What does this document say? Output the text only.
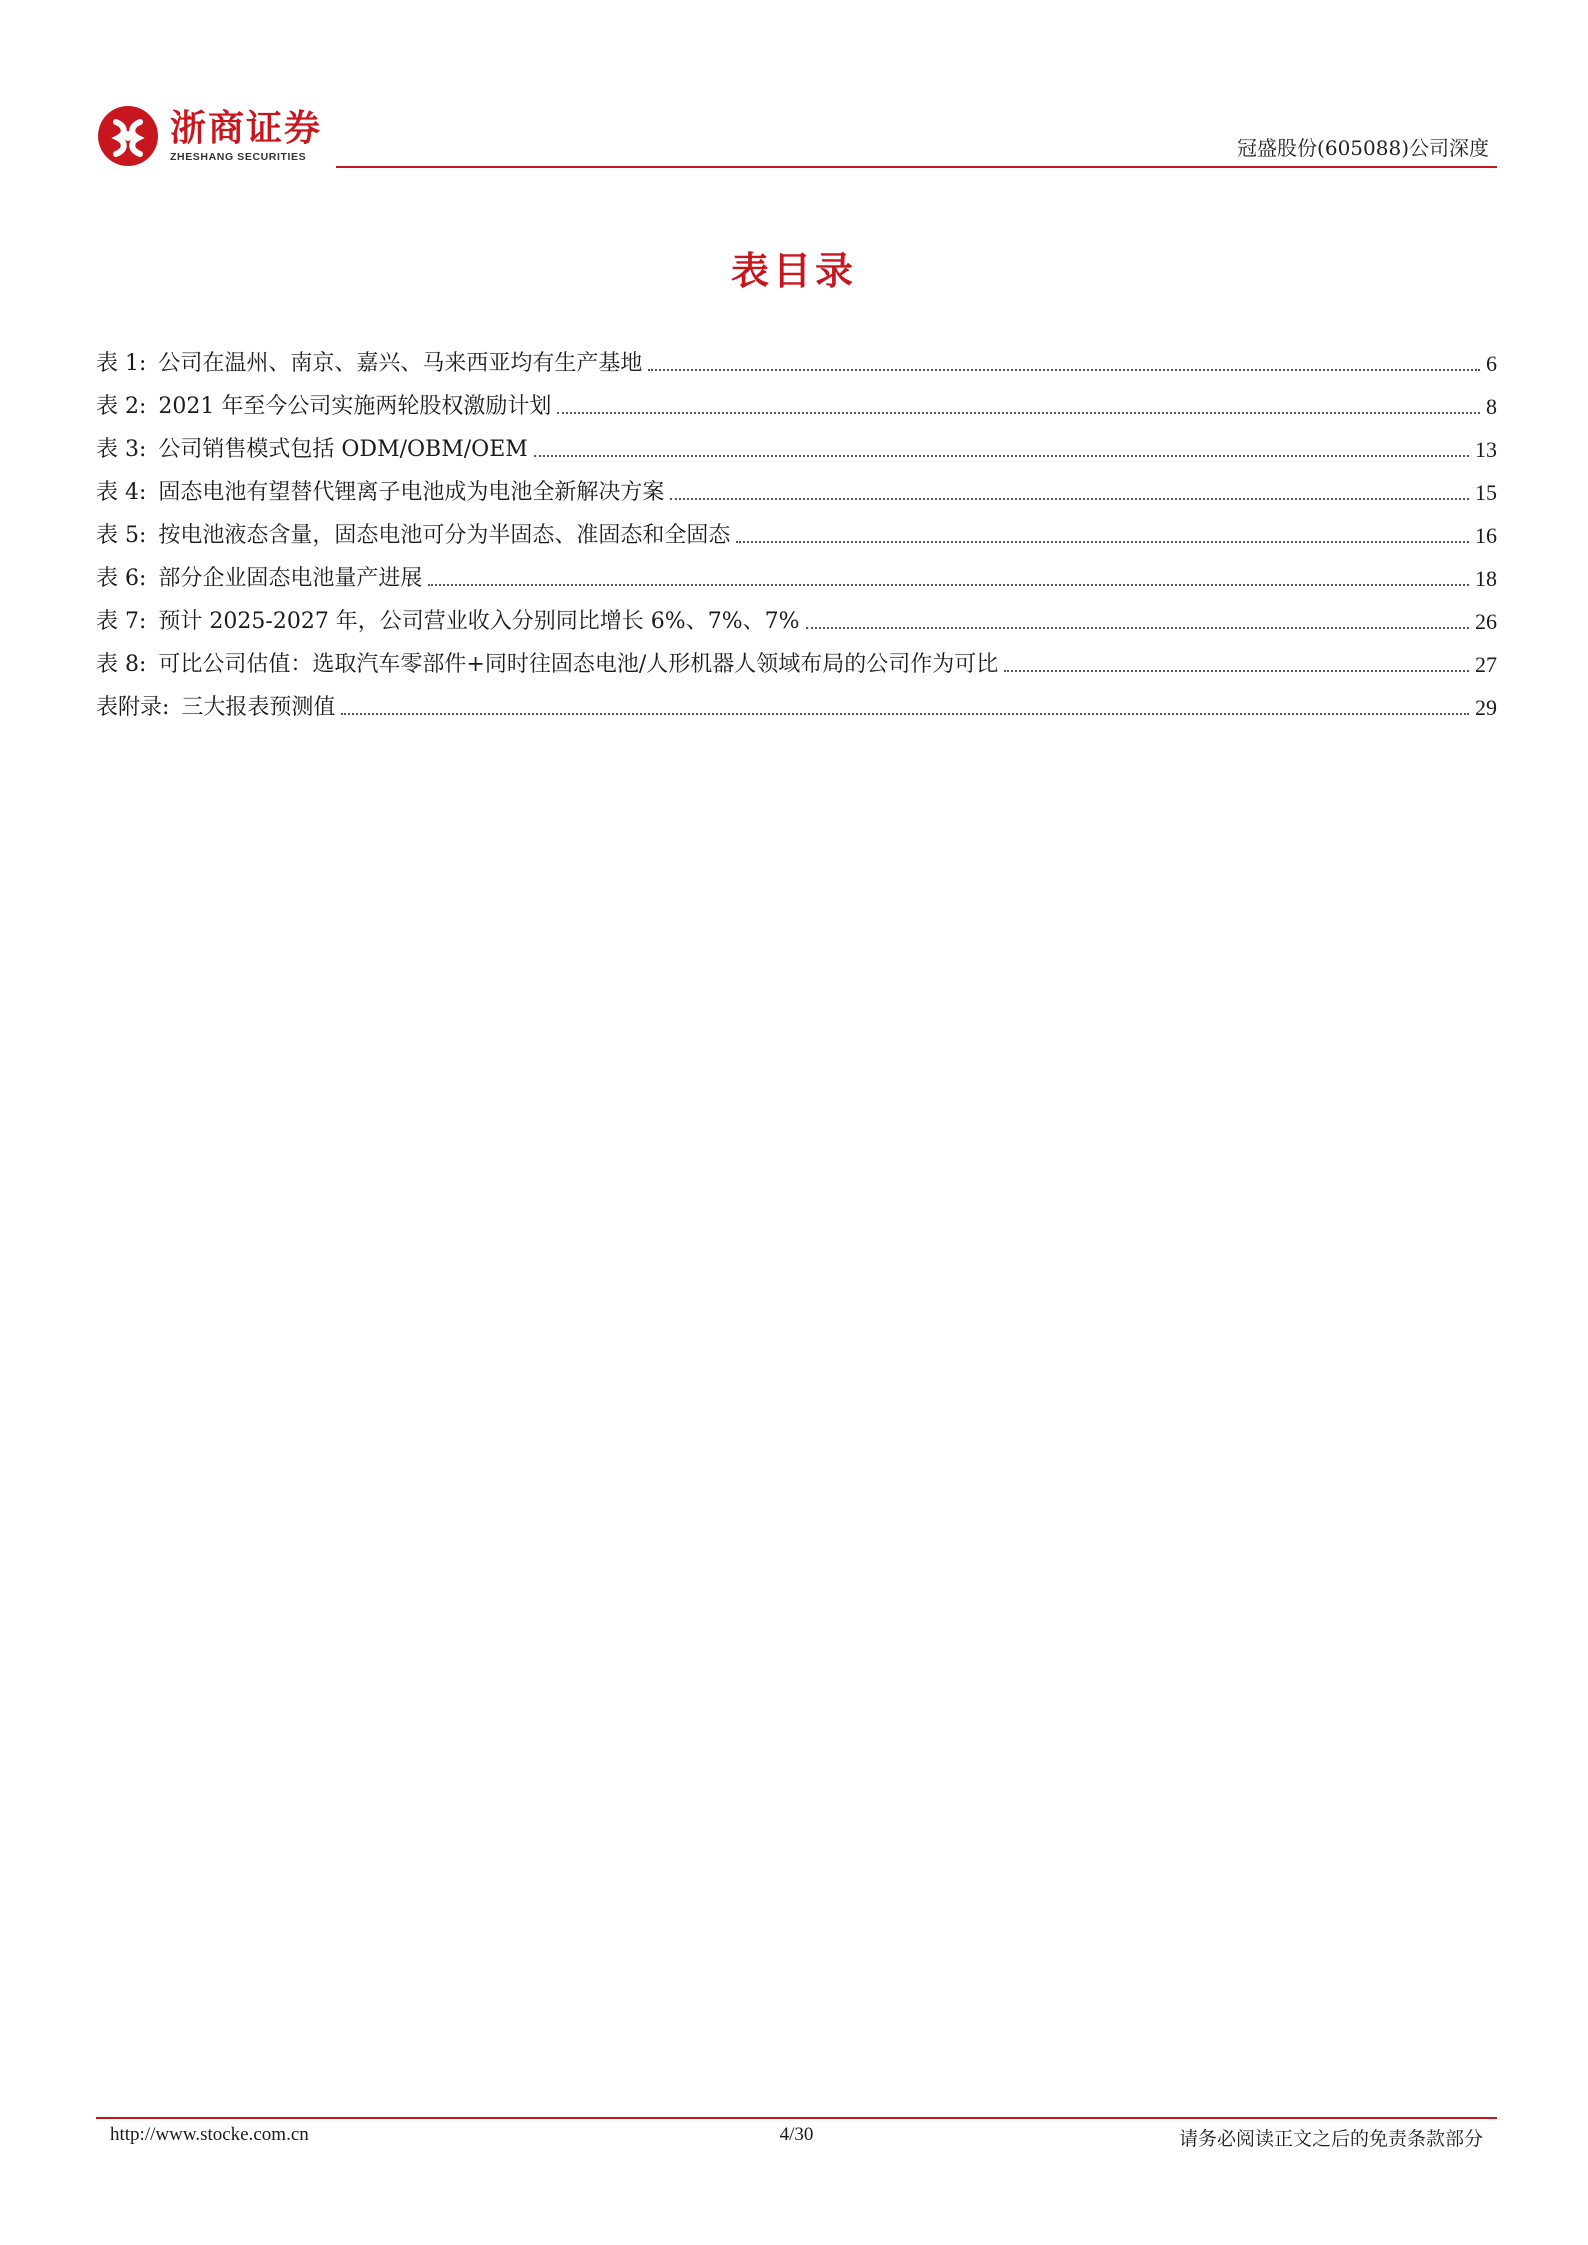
浙商证券
ZHESHANG SECURITIES	冠盛股份(605088)公司深度
表目录
表 1: 公司在温州、南京、嘉兴、马来西亚均有生产基地	6
表 2: 2021 年至今公司实施两轮股权激励计划	8
表 3: 公司销售模式包括 ODM/OBM/OEM	13
表 4: 固态电池有望替代锂离子电池成为电池全新解决方案	15
表 5: 按电池液态含量，固态电池可分为半固态、准固态和全固态	16
表 6: 部分企业固态电池量产进展	18
表 7: 预计 2025-2027 年，公司营业收入分别同比增长 6%、7%、7%	26
表 8: 可比公司估值：选取汽车零部件+同时往固态电池/人形机器人领域布局的公司作为可比	27
表附录: 三大报表预测值	29
http://www.stocke.com.cn	4/30	请务必阅读正文之后的免责条款部分
